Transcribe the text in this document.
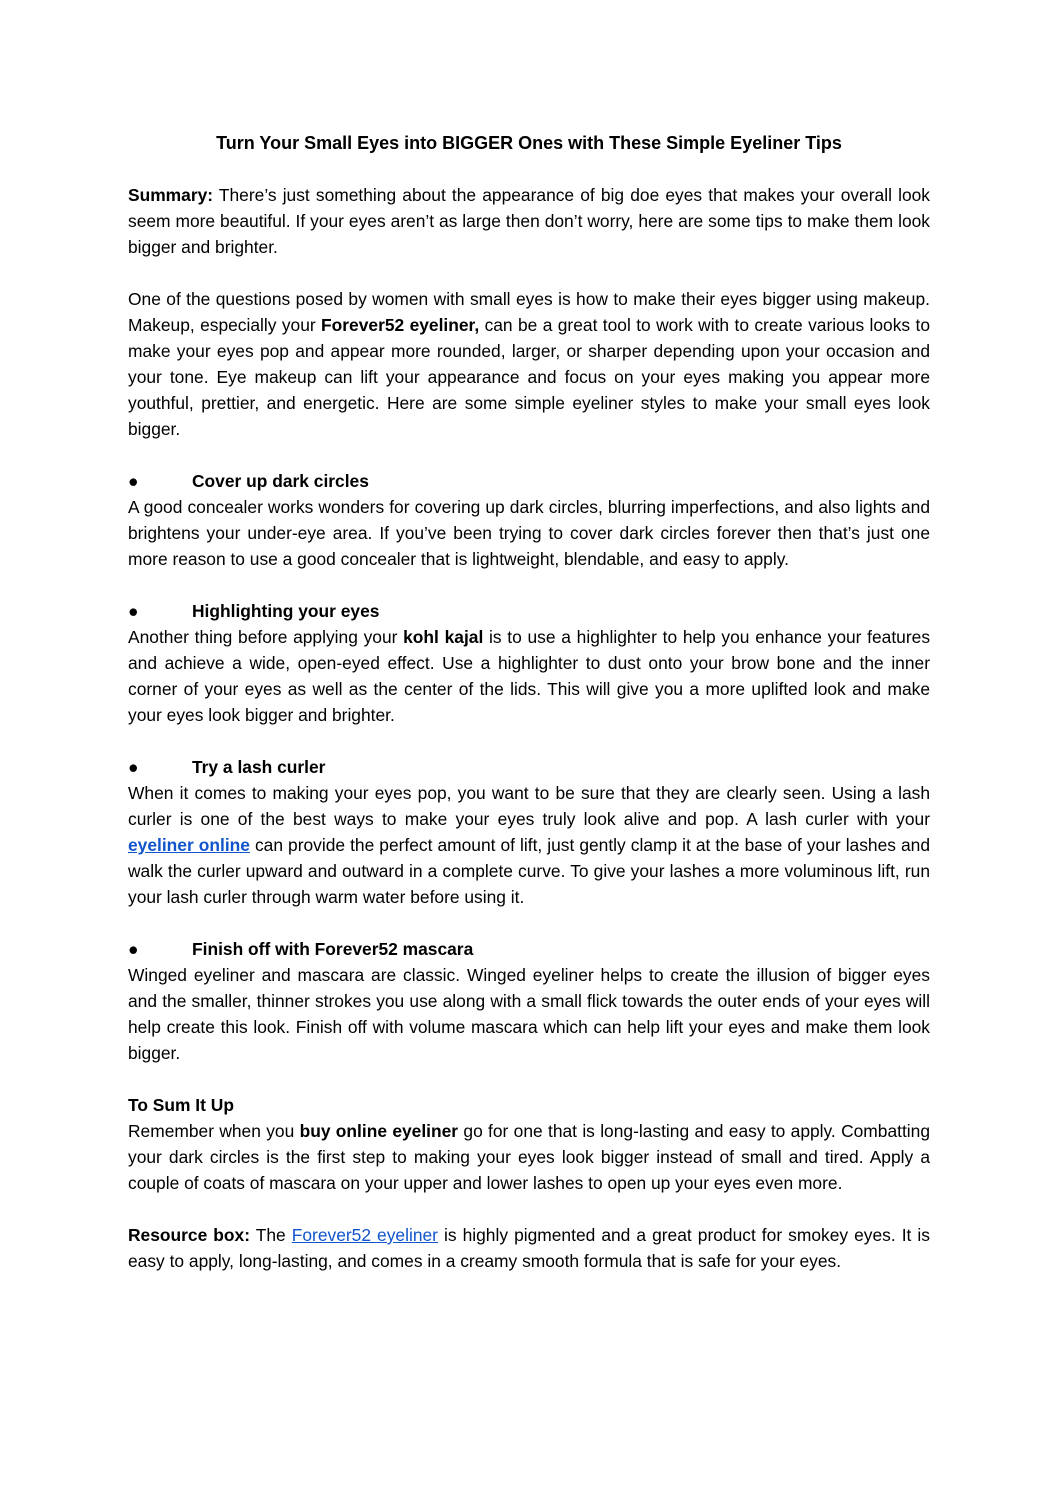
Turn Your Small Eyes into BIGGER Ones with These Simple Eyeliner Tips

Summary: There’s just something about the appearance of big doe eyes that makes your overall look seem more beautiful. If your eyes aren’t as large then don’t worry, here are some tips to make them look bigger and brighter.

One of the questions posed by women with small eyes is how to make their eyes bigger using makeup. Makeup, especially your Forever52 eyeliner, can be a great tool to work with to create various looks to make your eyes pop and appear more rounded, larger, or sharper depending upon your occasion and your tone. Eye makeup can lift your appearance and focus on your eyes making you appear more youthful, prettier, and energetic. Here are some simple eyeliner styles to make your small eyes look bigger.

●	Cover up dark circles

A good concealer works wonders for covering up dark circles, blurring imperfections, and also lights and brightens your under-eye area. If you’ve been trying to cover dark circles forever then that’s just one more reason to use a good concealer that is lightweight, blendable, and easy to apply.

●	Highlighting your eyes

Another thing before applying your kohl kajal is to use a highlighter to help you enhance your features and achieve a wide, open-eyed effect. Use a highlighter to dust onto your brow bone and the inner corner of your eyes as well as the center of the lids. This will give you a more uplifted look and make your eyes look bigger and brighter.

●	Try a lash curler

When it comes to making your eyes pop, you want to be sure that they are clearly seen. Using a lash curler is one of the best ways to make your eyes truly look alive and pop. A lash curler with your eyeliner online can provide the perfect amount of lift, just gently clamp it at the base of your lashes and walk the curler upward and outward in a complete curve. To give your lashes a more voluminous lift, run your lash curler through warm water before using it.

●	Finish off with Forever52 mascara

Winged eyeliner and mascara are classic. Winged eyeliner helps to create the illusion of bigger eyes and the smaller, thinner strokes you use along with a small flick towards the outer ends of your eyes will help create this look. Finish off with volume mascara which can help lift your eyes and make them look bigger.

To Sum It Up

Remember when you buy online eyeliner go for one that is long-lasting and easy to apply. Combatting your dark circles is the first step to making your eyes look bigger instead of small and tired. Apply a couple of coats of mascara on your upper and lower lashes to open up your eyes even more.

Resource box: The Forever52 eyeliner is highly pigmented and a great product for smokey eyes. It is easy to apply, long-lasting, and comes in a creamy smooth formula that is safe for your eyes.
